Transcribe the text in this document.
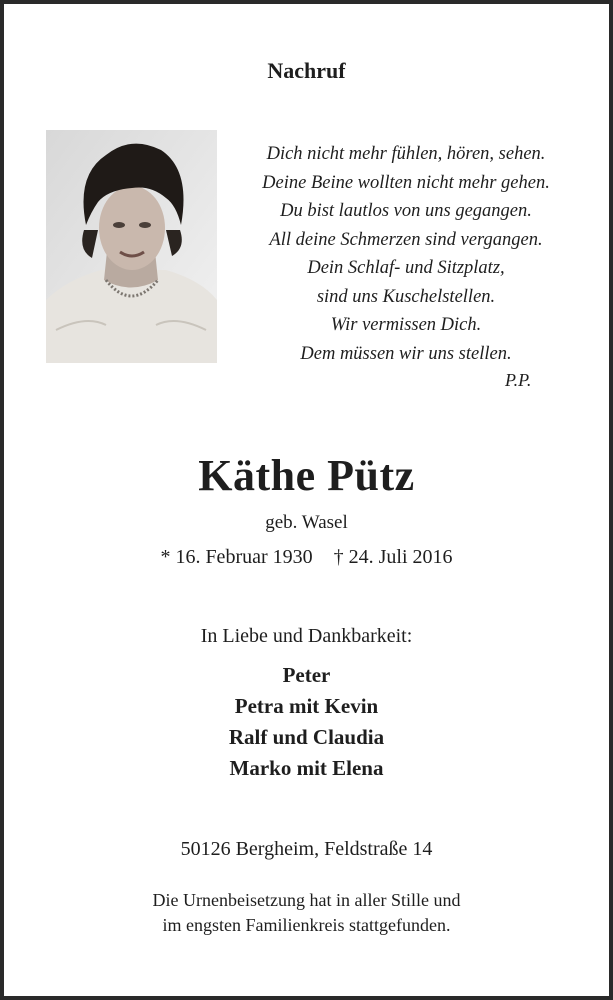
Nachruf
Dich nicht mehr fühlen, hören, sehen.
Deine Beine wollten nicht mehr gehen.
Du bist lautlos von uns gegangen.
All deine Schmerzen sind vergangen.
Dein Schlaf- und Sitzplatz,
sind uns Kuschelstellen.
Wir vermissen Dich.
Dem müssen wir uns stellen.
P.P.
Käthe Pütz
geb. Wasel
* 16. Februar 1930 † 24. Juli 2016
In Liebe und Dankbarkeit:
Peter
Petra mit Kevin
Ralf und Claudia
Marko mit Elena
50126 Bergheim, Feldstraße 14
Die Urnenbeisetzung hat in aller Stille und
im engsten Familienkreis stattgefunden.
